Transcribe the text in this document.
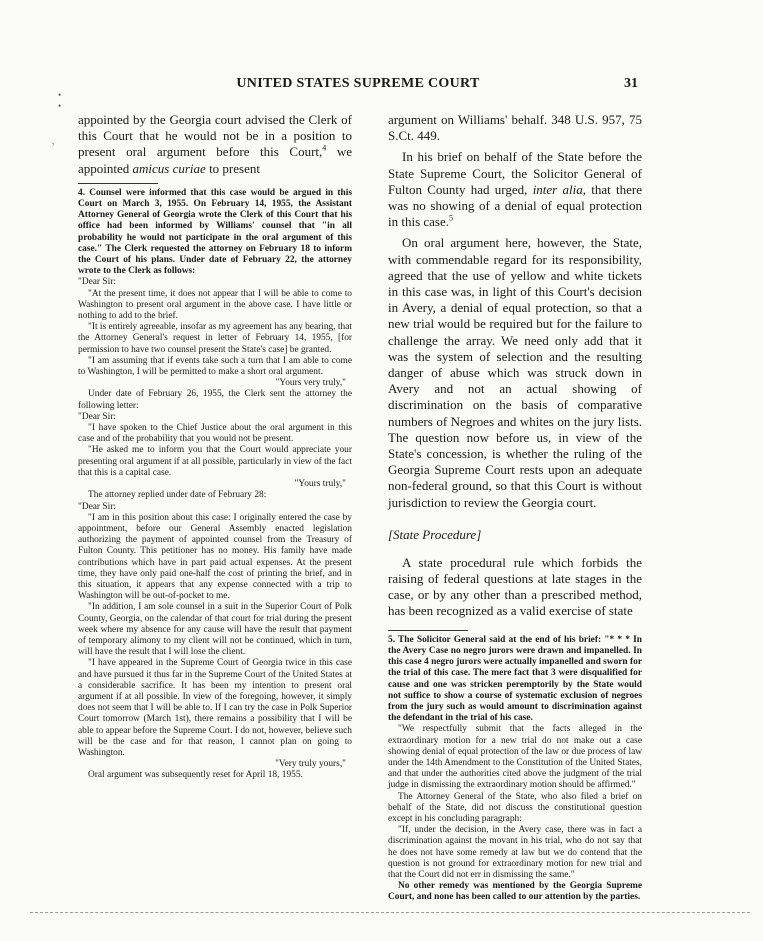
UNITED STATES SUPREME COURT	31
•
•
,

appointed by the Georgia court advised the Clerk of this Court that he would not be in a position to present oral argument before this Court,$^4$ we appointed amicus curiae to present

4. Counsel were informed that this case would be argued in this Court on March 3, 1955. On February 14, 1955, the Assistant Attorney General of Georgia wrote the Clerk of this Court that his office had been informed by Williams' counsel that "in all probability he would not participate in the oral argument of this case." The Clerk requested the attorney on February 18 to inform the Court of his plans. Under date of February 22, the attorney wrote to the Clerk as follows:

"Dear Sir:

"At the present time, it does not appear that I will be able to come to Washington to present oral argument in the above case. I have little or nothing to add to the brief.

"It is entirely agreeable, insofar as my agreement has any bearing, that the Attorney General's request in letter of February 14, 1955, [for permission to have two counsel present the State's case] be granted.

"I am assuming that if events take such a turn that I am able to come to Washington, I will be permitted to make a short oral argument.

"Yours very truly,"

Under date of February 26, 1955, the Clerk sent the attorney the following letter:

"Dear Sir:

"I have spoken to the Chief Justice about the oral argument in this case and of the probability that you would not be present.

"He asked me to inform you that the Court would appreciate your presenting oral argument if at all possible, particularly in view of the fact that this is a capital case.

"Yours truly,"

The attorney replied under date of February 28:

"Dear Sir:

"I am in this position about this case: I originally entered the case by appointment, before our General Assembly enacted legislation authorizing the payment of appointed counsel from the Treasury of Fulton County. This petitioner has no money. His family have made contributions which have in part paid actual expenses. At the present time, they have only paid one-half the cost of printing the brief, and in this situation, it appears that any expense connected with a trip to Washington will be out-of-pocket to me.

"In addition, I am sole counsel in a suit in the Superior Court of Polk County, Georgia, on the calendar of that court for trial during the present week where my absence for any cause will have the result that payment of temporary alimony to my client will not be continued, which in turn, will have the result that I will lose the client.

"I have appeared in the Supreme Court of Georgia twice in this case and have pursued it thus far in the Supreme Court of the United States at a considerable sacrifice. It has been my intention to present oral argument if at all possible. In view of the foregoing, however, it simply does not seem that I will be able to. If I can try the case in Polk Superior Court tomorrow (March 1st), there remains a possibility that I will be able to appear before the Supreme Court. I do not, however, believe such will be the case and for that reason, I cannot plan on going to Washington.

"Very truly yours,"

Oral argument was subsequently reset for April 18, 1955.

argument on Williams' behalf. 348 U.S. 957, 75 S.Ct. 449.

In his brief on behalf of the State before the State Supreme Court, the Solicitor General of Fulton County had urged, inter alia, that there was no showing of a denial of equal protection in this case.$^5$

On oral argument here, however, the State, with commendable regard for its responsibility, agreed that the use of yellow and white tickets in this case was, in light of this Court's decision in Avery, a denial of equal protection, so that a new trial would be required but for the failure to challenge the array. We need only add that it was the system of selection and the resulting danger of abuse which was struck down in Avery and not an actual showing of discrimination on the basis of comparative numbers of Negroes and whites on the jury lists. The question now before us, in view of the State's concession, is whether the ruling of the Georgia Supreme Court rests upon an adequate non-federal ground, so that this Court is without jurisdiction to review the Georgia court.

[State Procedure]

A state procedural rule which forbids the raising of federal questions at late stages in the case, or by any other than a prescribed method, has been recognized as a valid exercise of state

5. The Solicitor General said at the end of his brief: "* * * In the Avery Case no negro jurors were drawn and impanelled. In this case 4 negro jurors were actually impanelled and sworn for the trial of this case. The mere fact that 3 were disqualified for cause and one was stricken peremptorily by the State would not suffice to show a course of systematic exclusion of negroes from the jury such as would amount to discrimination against the defendant in the trial of his case.

"We respectfully submit that the facts alleged in the extraordinary motion for a new trial do not make out a case showing denial of equal protection of the law or due process of law under the 14th Amendment to the Constitution of the United States, and that under the authorities cited above the judgment of the trial judge in dismissing the extraordinary motion should be affirmed."

The Attorney General of the State, who also filed a brief on behalf of the State, did not discuss the constitutional question except in his concluding paragraph:

"If, under the decision, in the Avery case, there was in fact a discrimination against the movant in his trial, who do not say that he does not have some remedy at law but we do contend that the question is not ground for extraordinary motion for new trial and that the Court did not err in dismissing the same."

No other remedy was mentioned by the Georgia Supreme Court, and none has been called to our attention by the parties.
